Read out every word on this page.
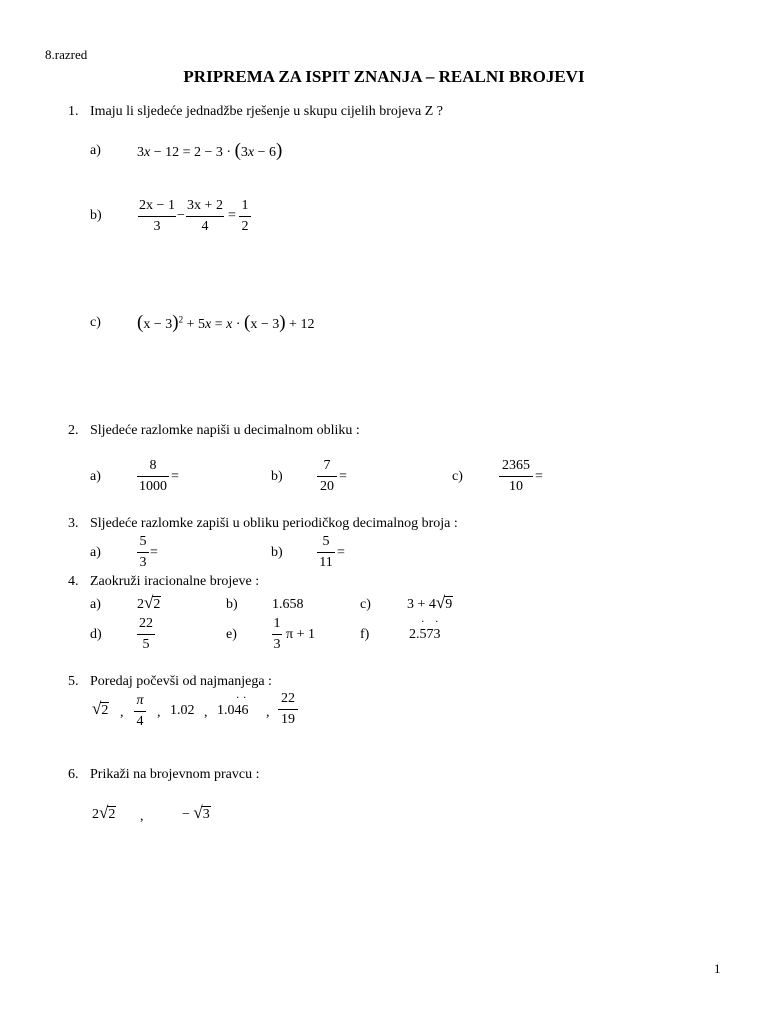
8.razred
PRIPREMA ZA ISPIT ZNANJA – REALNI BROJEVI
1. Imaju li sljedeće jednadžbe rješenje u skupu cijelih brojeva Z ?
a)	3x − 12 = 2 − 3 · (3x − 6)
b)
2x − 1
3
−
3x + 2
4
=
1
2
c) $(x - 3)^2 + 5x = x \cdot (x - 3) + 12$
2. Sljedeće razlomke napiši u decimalnom obliku :
a)
8
1000
=	b)
7
20
=	c)
2365
10
=
3. Sljedeće razlomke zapiši u obliku periodičkog decimalnog broja :
a)
5
3
=	b)
5
11
=
4. Zaokruži iracionalne brojeve :
a)	2√2	b) 1.658	c)	3 + 4√9
d)
22
5
e)
1
3
π + 1	f)	2.˙ 57˙ 3
5. Poredaj počevši od najmanjega :
√2 ,
π
4
, 1.02 , 1.0˙ 4˙ 6 ,
22
19
6. Prikaži na brojevnom pravcu :
2√2 ,	− √3
1
